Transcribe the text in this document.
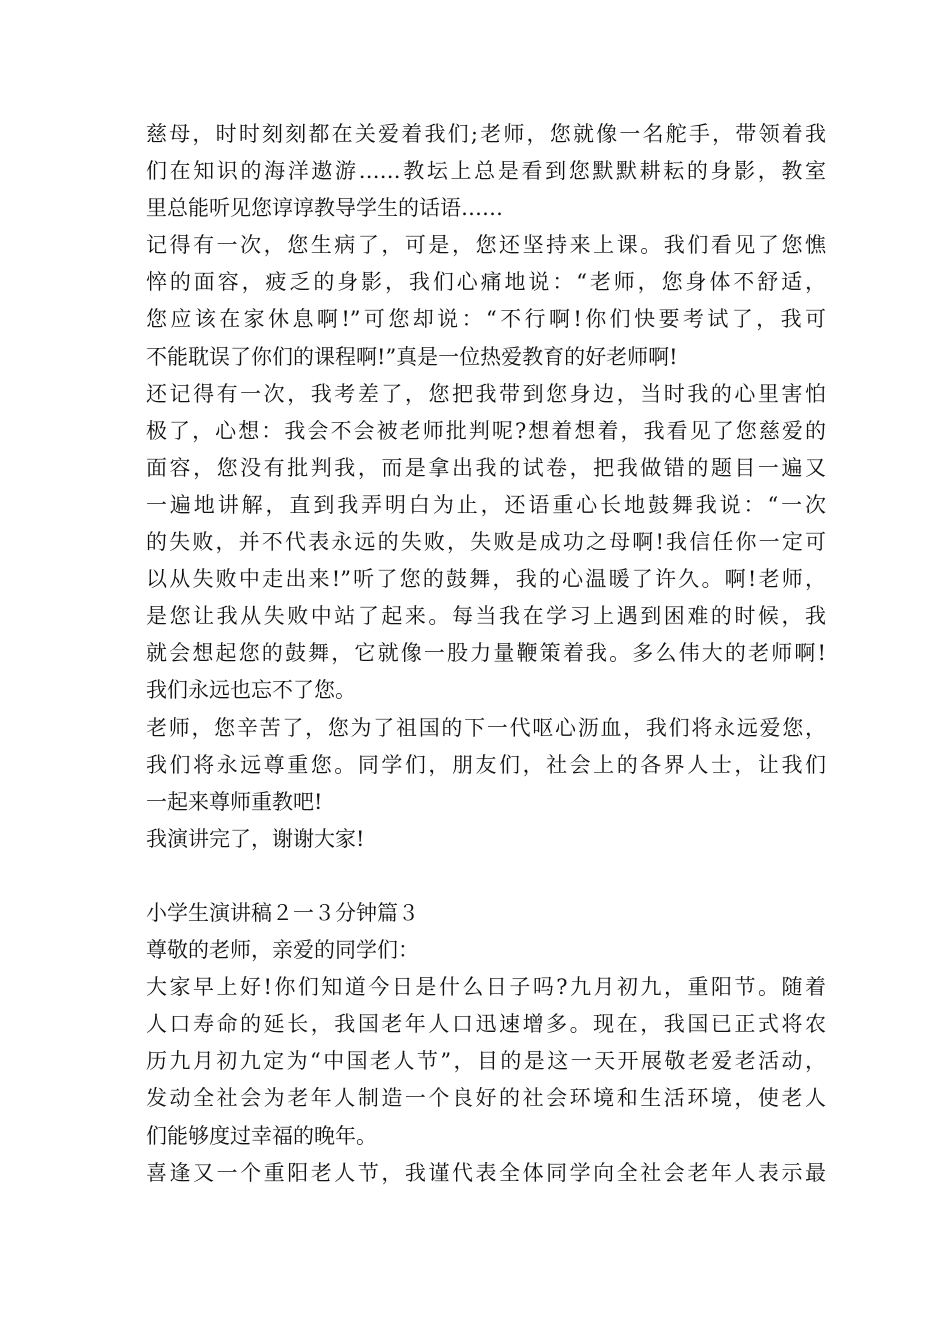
慈母，时时刻刻都在关爱着我们;老师，您就像一名舵手，带领着我
们在知识的海洋遨游……教坛上总是看到您默默耕耘的身影，教室
里总能听见您谆谆教导学生的话语……
记得有一次，您生病了，可是，您还坚持来上课。我们看见了您憔
悴的面容，疲乏的身影，我们心痛地说：“老师，您身体不舒适，
您应该在家休息啊!”可您却说：“不行啊!你们快要考试了，我可
不能耽误了你们的课程啊!”真是一位热爱教育的好老师啊!
还记得有一次，我考差了，您把我带到您身边，当时我的心里害怕
极了，心想：我会不会被老师批判呢?想着想着，我看见了您慈爱的
面容，您没有批判我，而是拿出我的试卷，把我做错的题目一遍又
一遍地讲解，直到我弄明白为止，还语重心长地鼓舞我说：“一次
的失败，并不代表永远的失败，失败是成功之母啊!我信任你一定可
以从失败中走出来!”听了您的鼓舞，我的心温暖了许久。啊!老师，
是您让我从失败中站了起来。每当我在学习上遇到困难的时候，我
就会想起您的鼓舞，它就像一股力量鞭策着我。多么伟大的老师啊!
我们永远也忘不了您。
老师，您辛苦了，您为了祖国的下一代呕心沥血，我们将永远爱您，
我们将永远尊重您。同学们，朋友们，社会上的各界人士，让我们
一起来尊师重教吧!
我演讲完了，谢谢大家!
小学生演讲稿２一３分钟篇３
尊敬的老师，亲爱的同学们：
大家早上好!你们知道今日是什么日子吗?九月初九，重阳节。随着
人口寿命的延长，我国老年人口迅速增多。现在，我国已正式将农
历九月初九定为“中国老人节”，目的是这一天开展敬老爱老活动，
发动全社会为老年人制造一个良好的社会环境和生活环境，使老人
们能够度过幸福的晚年。
喜逢又一个重阳老人节，我谨代表全体同学向全社会老年人表示最
